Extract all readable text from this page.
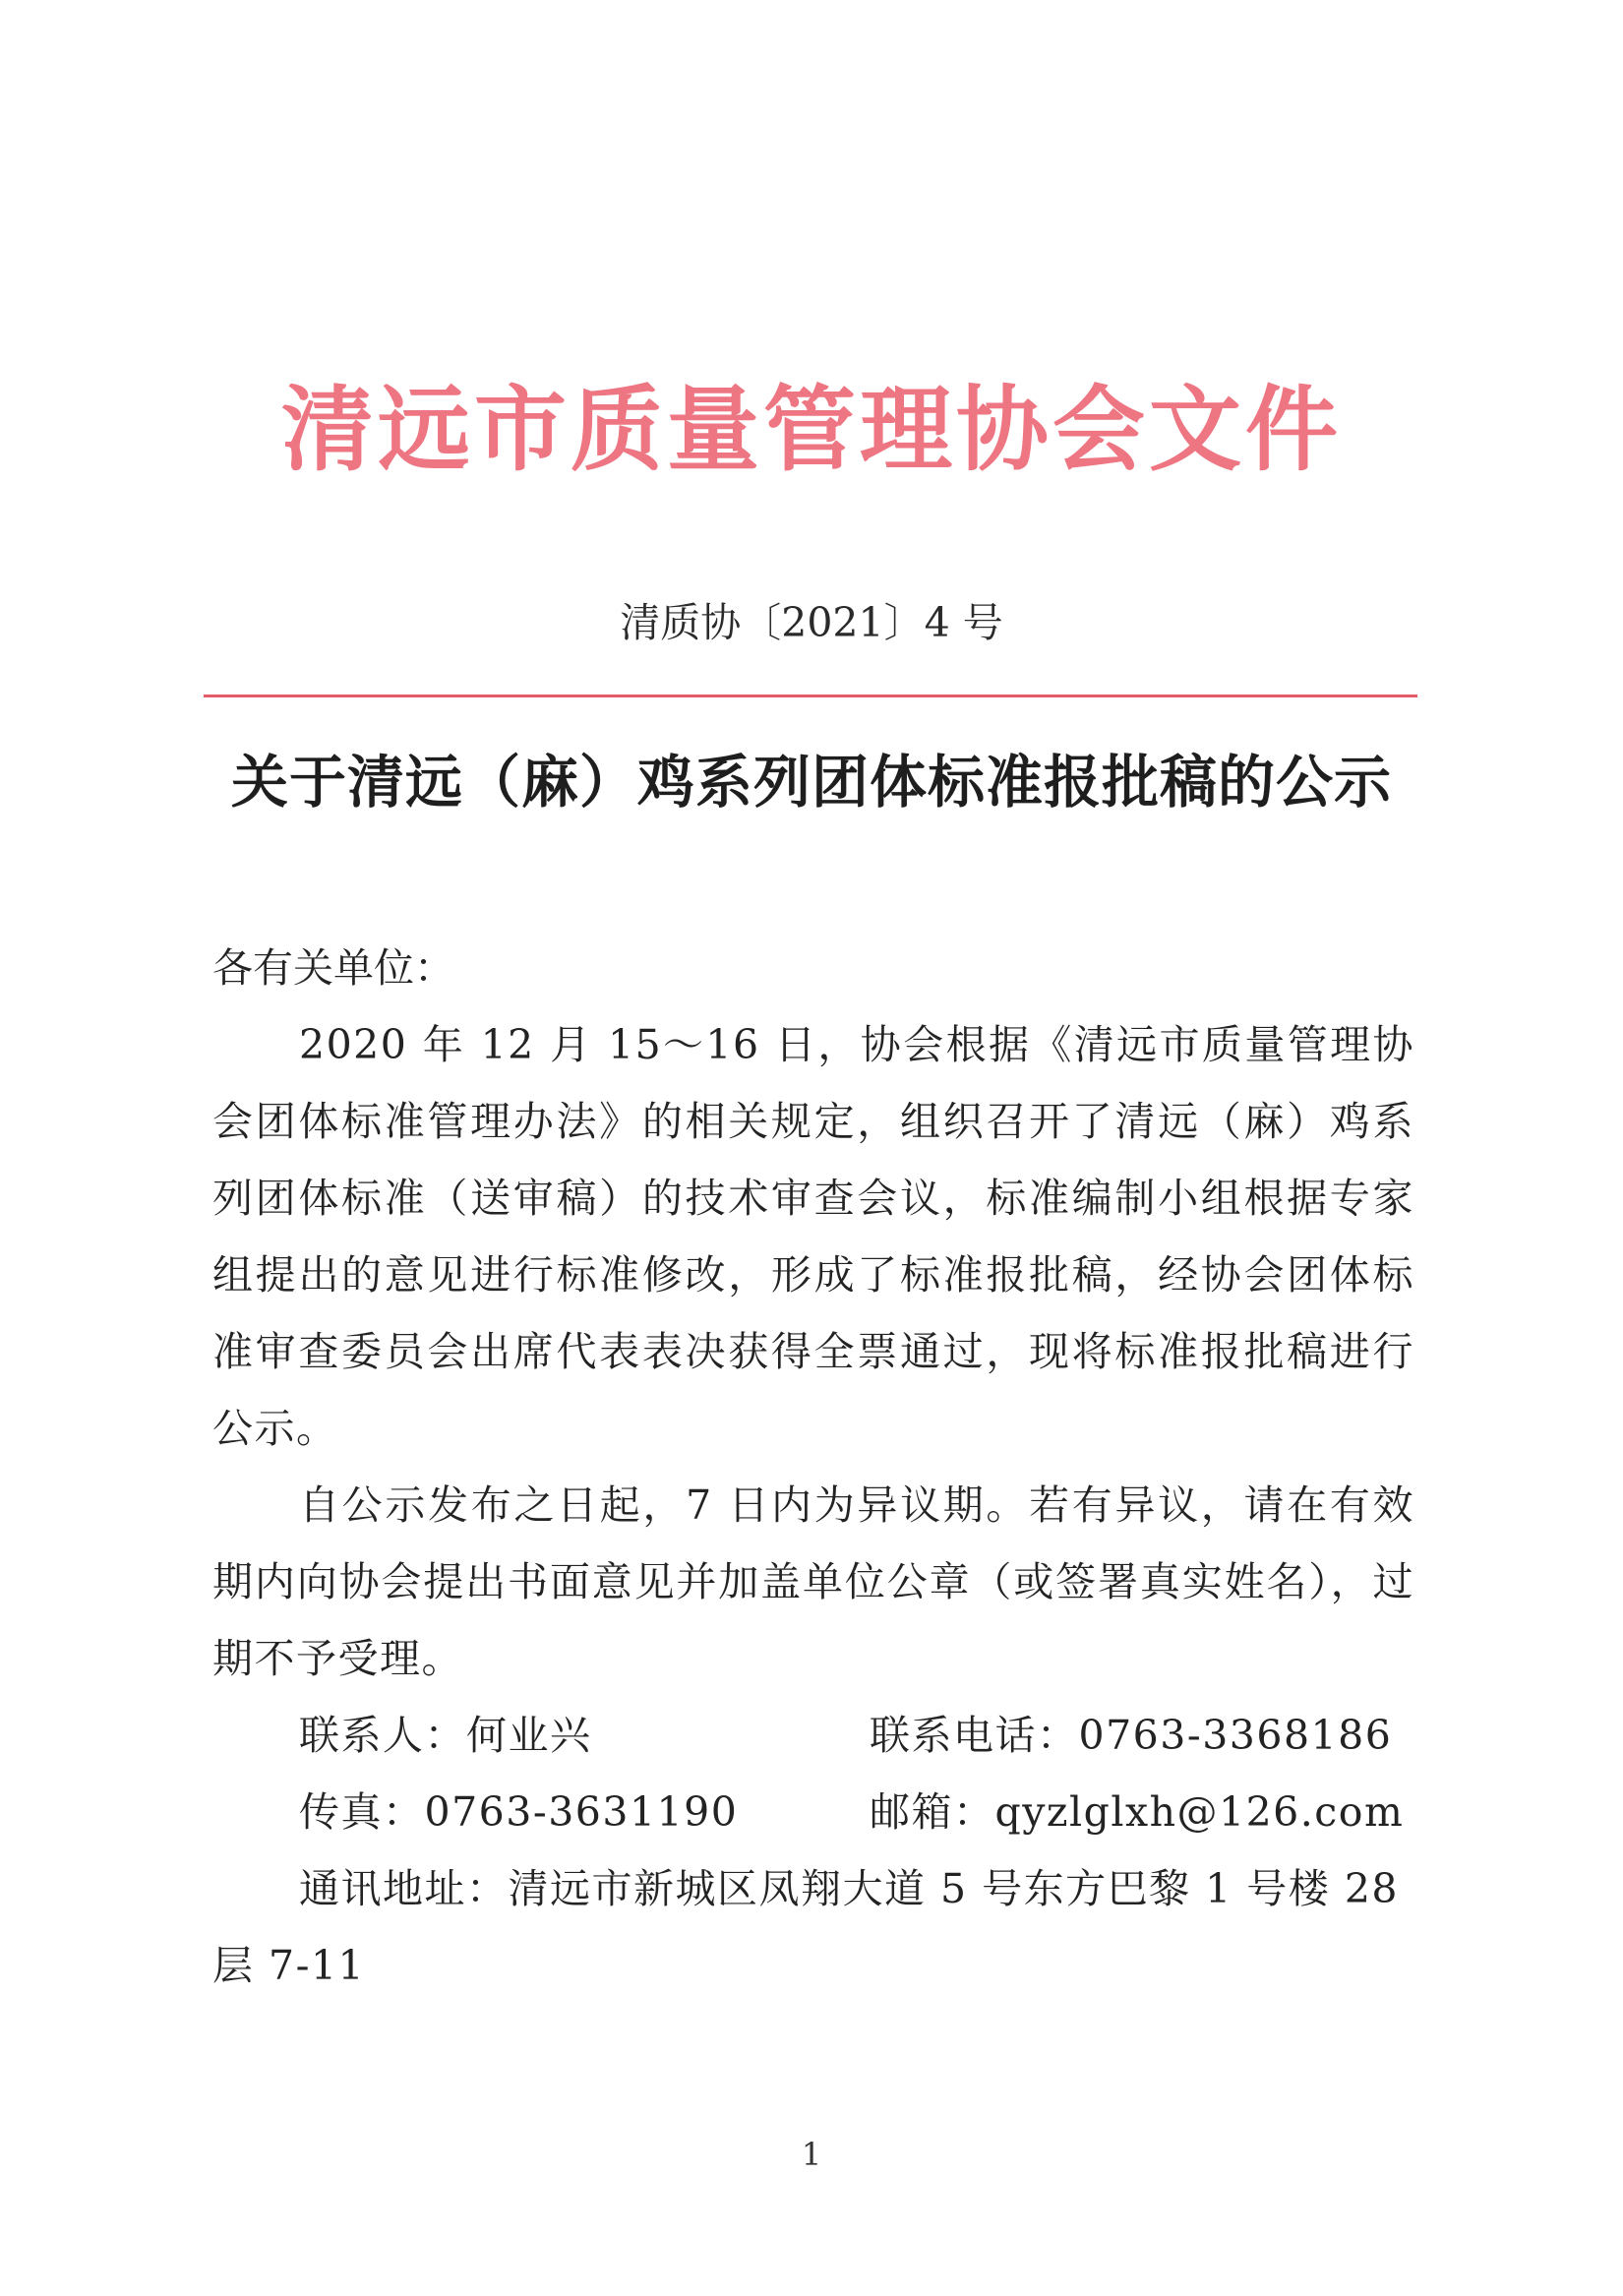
清远市质量管理协会文件
清质协〔2021〕4 号
关于清远（麻）鸡系列团体标准报批稿的公示

各有关单位：

2020 年 12 月 15～16 日，协会根据《清远市质量管理协会团体标准管理办法》的相关规定，组织召开了清远（麻）鸡系列团体标准（送审稿）的技术审查会议，标准编制小组根据专家组提出的意见进行标准修改，形成了标准报批稿，经协会团体标准审查委员会出席代表表决获得全票通过，现将标准报批稿进行公示。

自公示发布之日起，7 日内为异议期。若有异议，请在有效期内向协会提出书面意见并加盖单位公章（或签署真实姓名），过期不予受理。

联系人：何业兴	联系电话：0763-3368186
传真：0763-3631190	邮箱：qyzlglxh@126.com

通讯地址：清远市新城区凤翔大道 5 号东方巴黎 1 号楼 28 层 7-11

1
